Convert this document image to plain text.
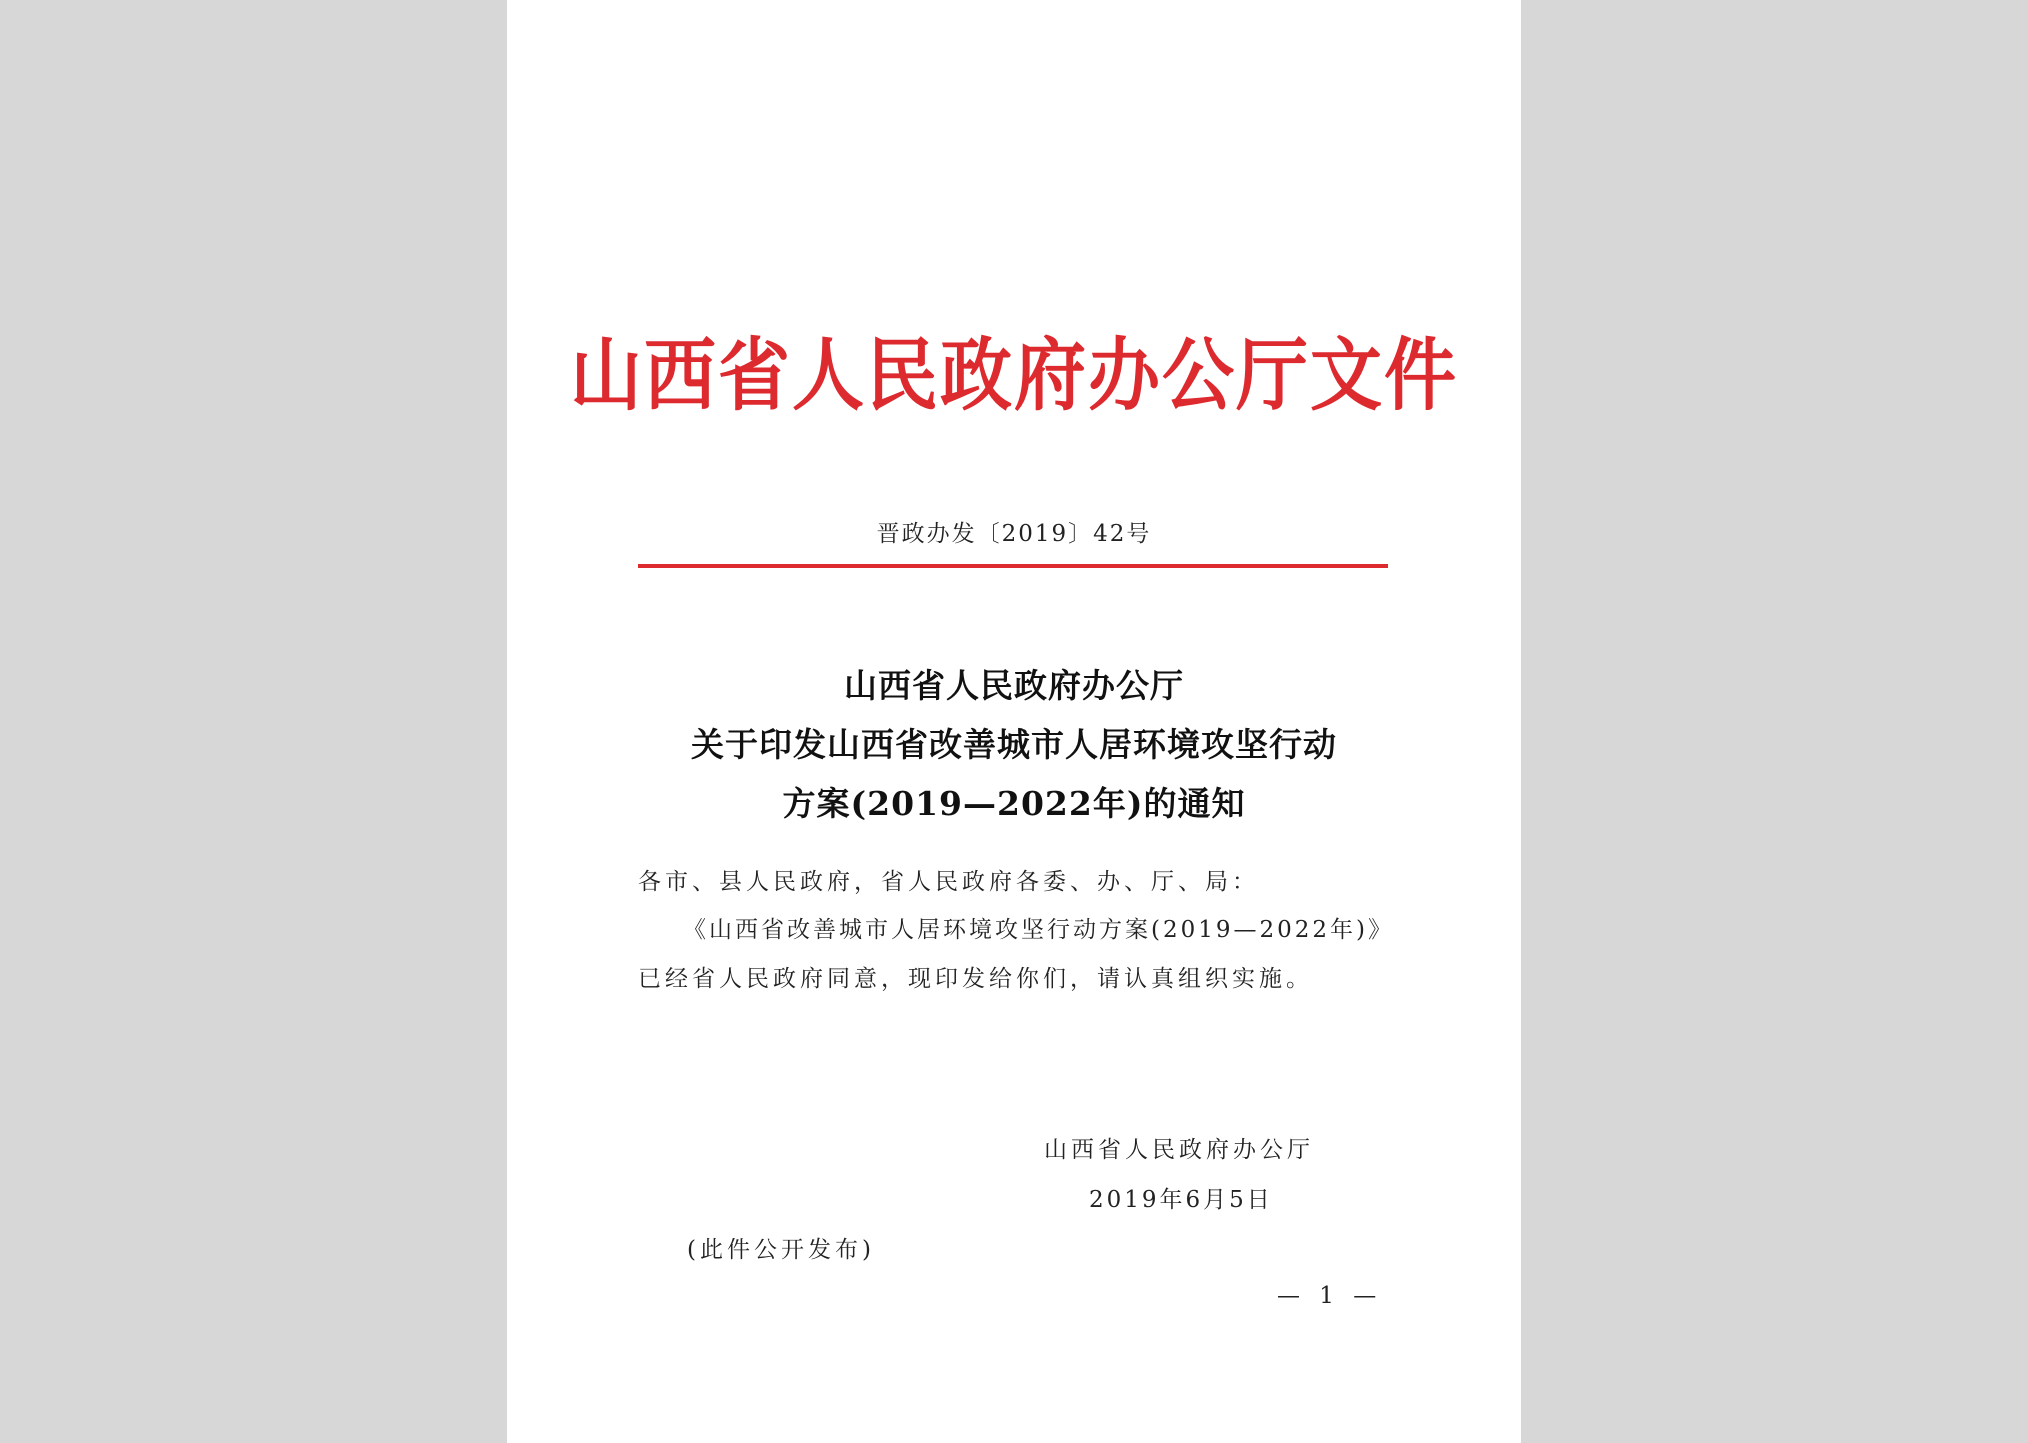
山西省人民政府办公厅文件
晋政办发〔2019〕42号
山西省人民政府办公厅
关于印发山西省改善城市人居环境攻坚行动
方案(2019—2022年)的通知
各市、县人民政府，省人民政府各委、办、厅、局：
《山西省改善城市人居环境攻坚行动方案(2019—2022年)》
已经省人民政府同意，现印发给你们，请认真组织实施。
山西省人民政府办公厅
2019年6月5日
(此件公开发布)
— 1 —
